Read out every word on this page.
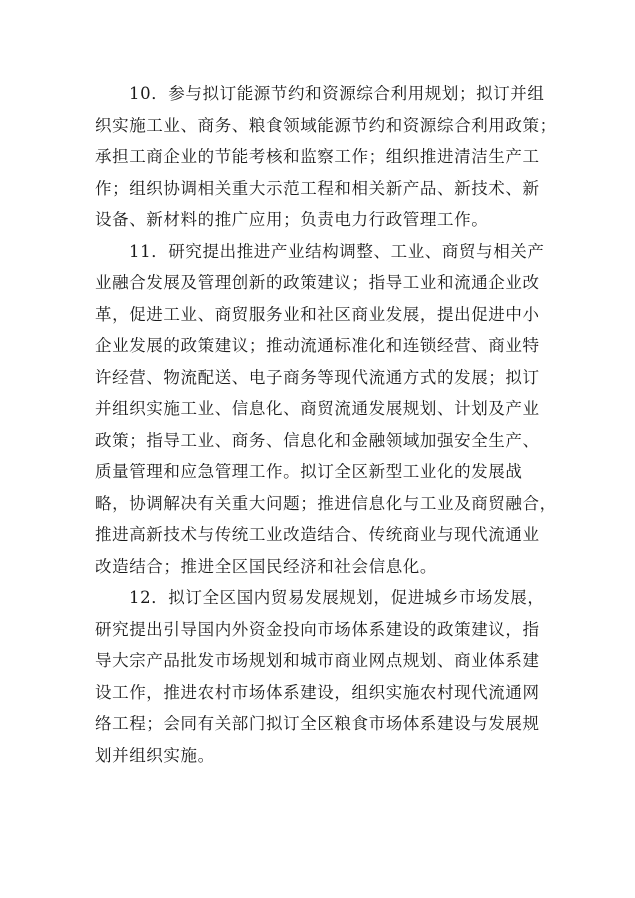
10．参与拟订能源节约和资源综合利用规划；拟订并组
织实施工业、商务、粮食领域能源节约和资源综合利用政策；
承担工商企业的节能考核和监察工作；组织推进清洁生产工
作；组织协调相关重大示范工程和相关新产品、新技术、新
设备、新材料的推广应用；负责电力行政管理工作。

11．研究提出推进产业结构调整、工业、商贸与相关产
业融合发展及管理创新的政策建议；指导工业和流通企业改
革，促进工业、商贸服务业和社区商业发展，提出促进中小
企业发展的政策建议；推动流通标准化和连锁经营、商业特
许经营、物流配送、电子商务等现代流通方式的发展；拟订
并组织实施工业、信息化、商贸流通发展规划、计划及产业
政策；指导工业、商务、信息化和金融领域加强安全生产、
质量管理和应急管理工作。拟订全区新型工业化的发展战
略，协调解决有关重大问题；推进信息化与工业及商贸融合，
推进高新技术与传统工业改造结合、传统商业与现代流通业
改造结合；推进全区国民经济和社会信息化。

12．拟订全区国内贸易发展规划，促进城乡市场发展，
研究提出引导国内外资金投向市场体系建设的政策建议，指
导大宗产品批发市场规划和城市商业网点规划、商业体系建
设工作，推进农村市场体系建设，组织实施农村现代流通网
络工程；会同有关部门拟订全区粮食市场体系建设与发展规
划并组织实施。
